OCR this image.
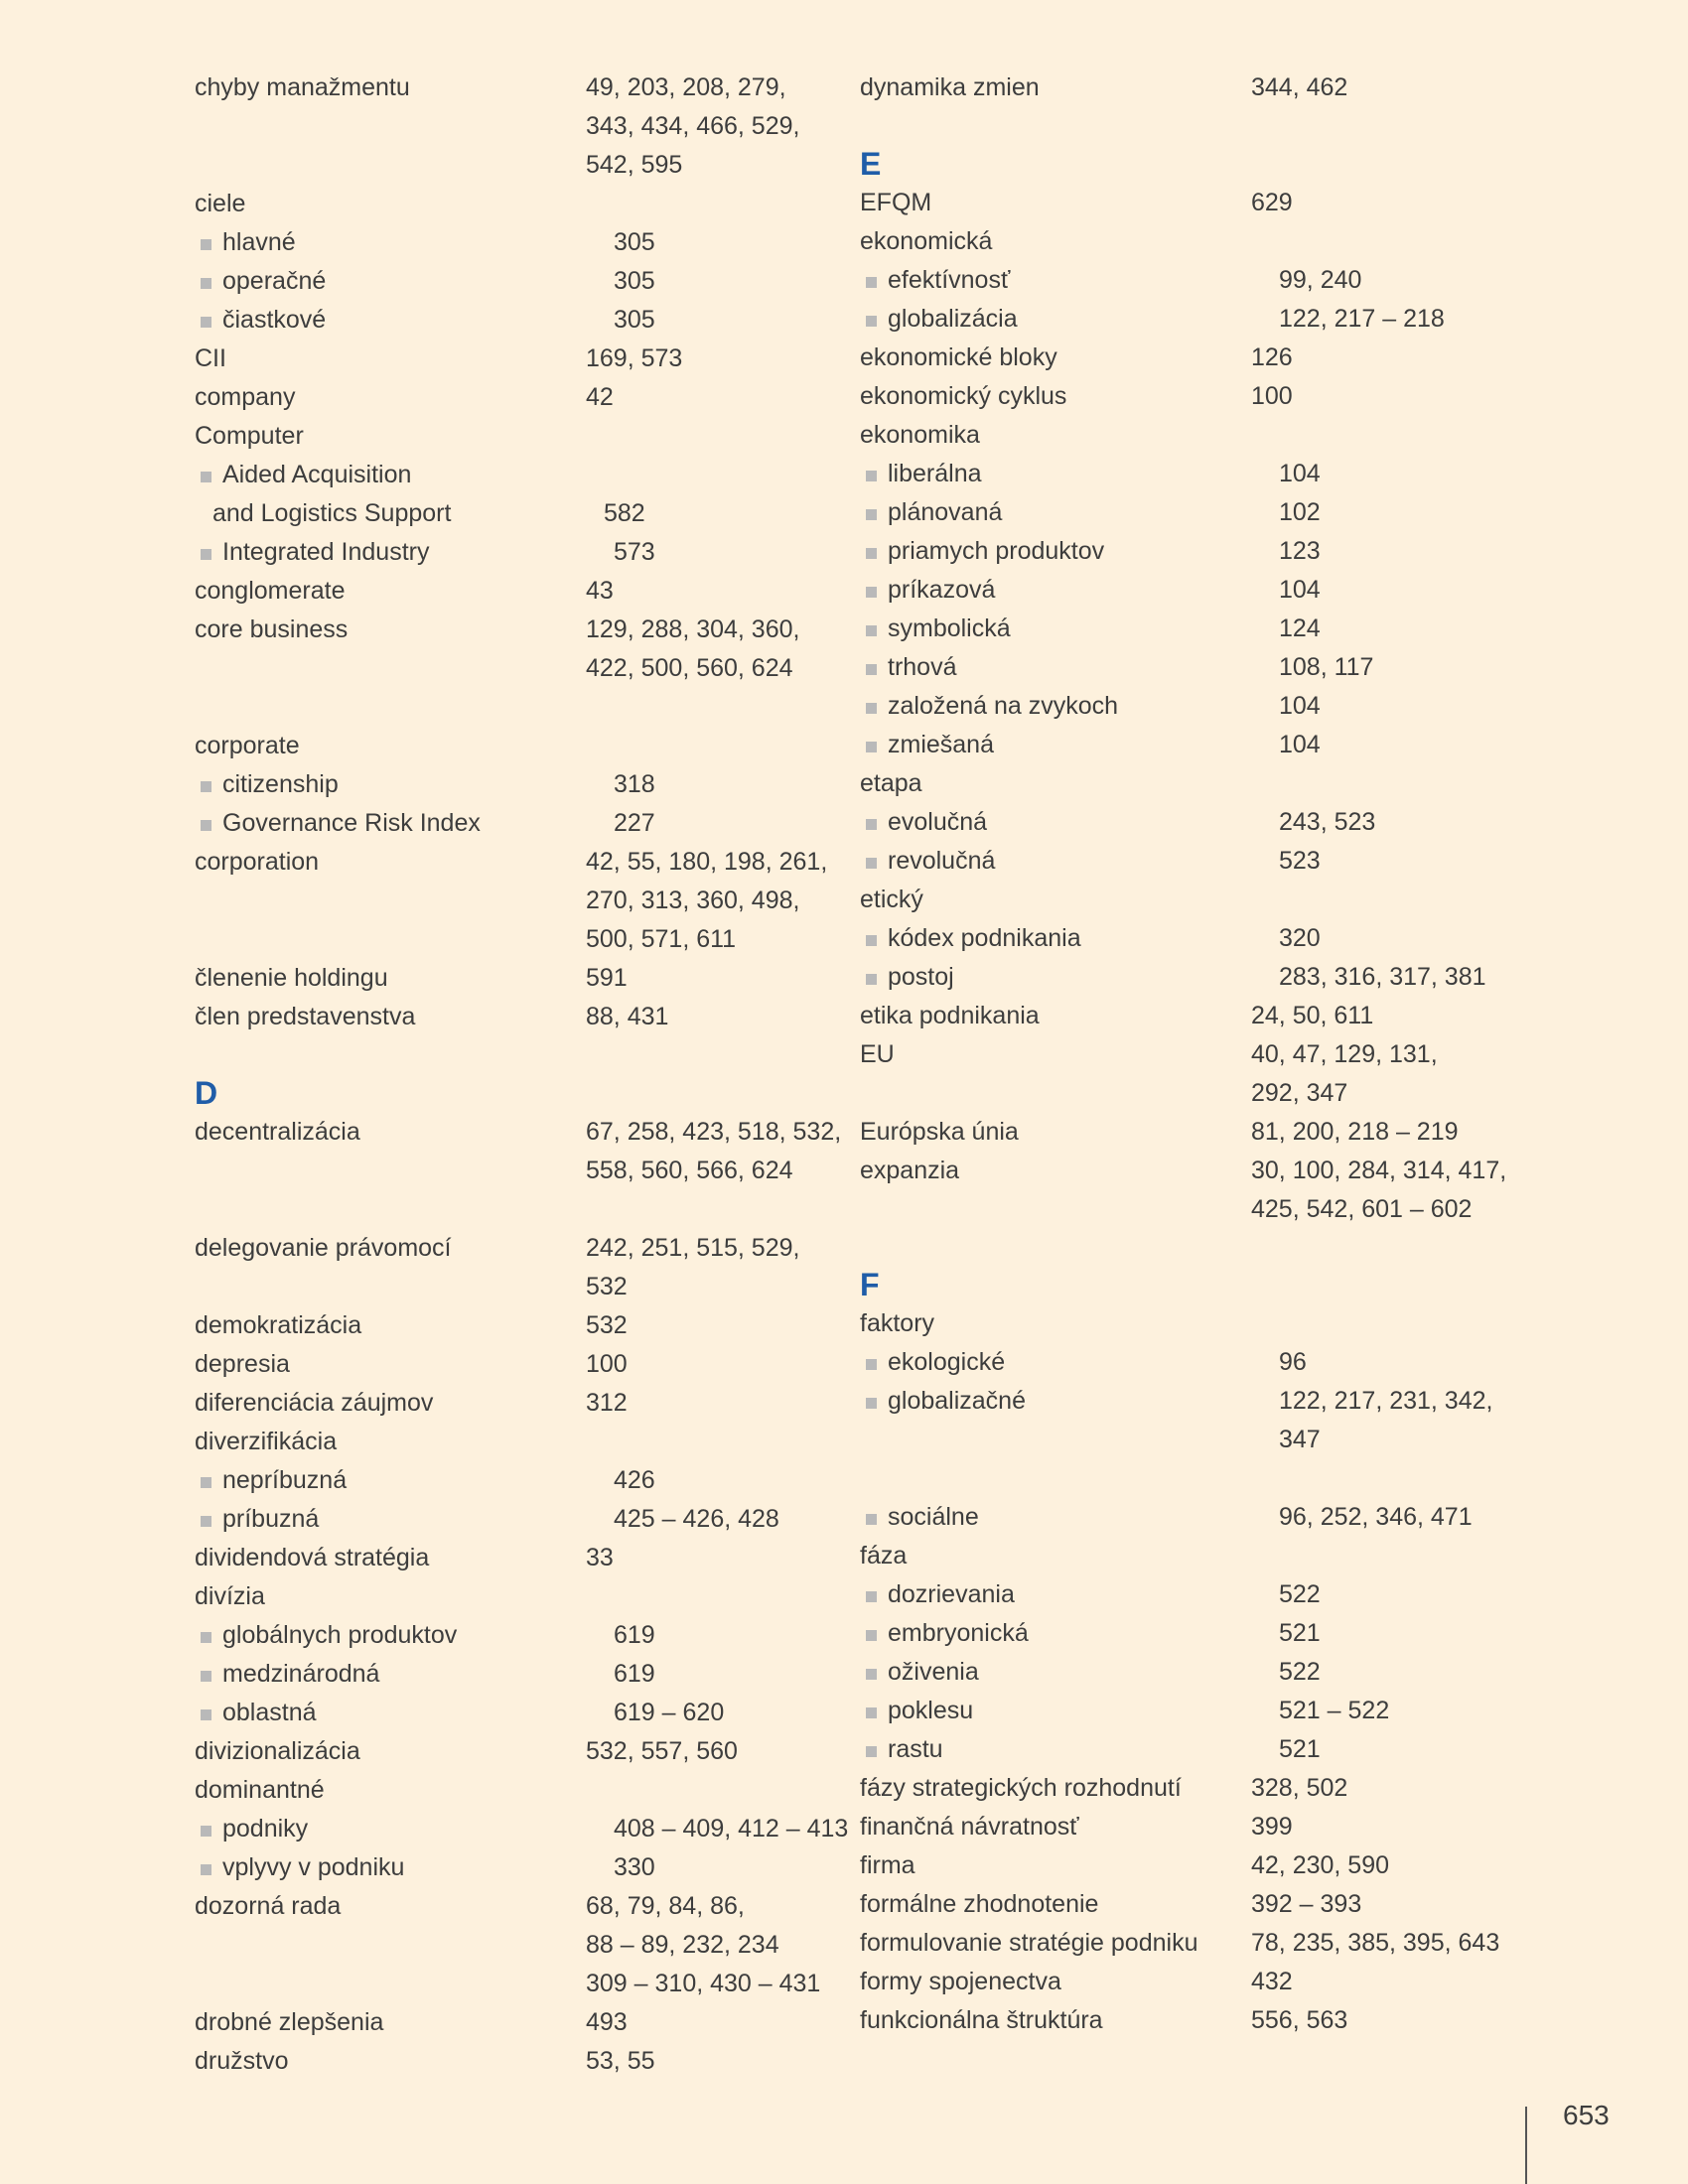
chyby manažmentu	49, 203, 208, 279,
343, 434, 466, 529,
542, 595
ciele
hlavné	305
operačné	305
čiastkové	305
CII	169, 573
company	42
Computer
Aided Acquisition
and Logistics Support	582
Integrated Industry	573
conglomerate	43
core business	129, 288, 304, 360,
422, 500, 560, 624
corporate
citizenship	318
Governance Risk Index	227
corporation	42, 55, 180, 198, 261,
270, 313, 360, 498,
500, 571, 611
členenie holdingu	591
člen predstavenstva	88, 431
D
decentralizácia	67, 258, 423, 518, 532,
558, 560, 566, 624
delegovanie právomocí	242, 251, 515, 529,
532
demokratizácia	532
depresia	100
diferenciácia záujmov	312
diverzifikácia
nepríbuzná	426
príbuzná	425 – 426, 428
dividendová stratégia	33
divízia
globálnych produktov	619
medzinárodná	619
oblastná	619 – 620
divizionalizácia	532, 557, 560
dominantné
podniky	408 – 409, 412 – 413
vplyvy v podniku	330
dozorná rada	68, 79, 84, 86,
88 – 89, 232, 234
309 – 310, 430 – 431
drobné zlepšenia	493
družstvo	53, 55
dynamika zmien	344, 462
E
EFQM	629
ekonomická
efektívnosť	99, 240
globalizácia	122, 217 – 218
ekonomické bloky	126
ekonomický cyklus	100
ekonomika
liberálna	104
plánovaná	102
priamych produktov	123
príkazová	104
symbolická	124
trhová	108, 117
založená na zvykoch	104
zmiešaná	104
etapa
evolučná	243, 523
revolučná	523
etický
kódex podnikania	320
postoj	283, 316, 317, 381
etika podnikania	24, 50, 611
EU	40, 47, 129, 131,
292, 347
Európska únia	81, 200, 218 – 219
expanzia	30, 100, 284, 314, 417,
425, 542, 601 – 602
F
faktory
ekologické	96
globalizačné	122, 217, 231, 342,
347
sociálne	96, 252, 346, 471
fáza
dozrievania	522
embryonická	521
oživenia	522
poklesu	521 – 522
rastu	521
fázy strategických rozhodnutí	328, 502
finančná návratnosť	399
firma	42, 230, 590
formálne zhodnotenie	392 – 393
formulovanie stratégie podniku	78, 235, 385, 395, 643
formy spojenectva	432
funkcionálna štruktúra	556, 563
653
